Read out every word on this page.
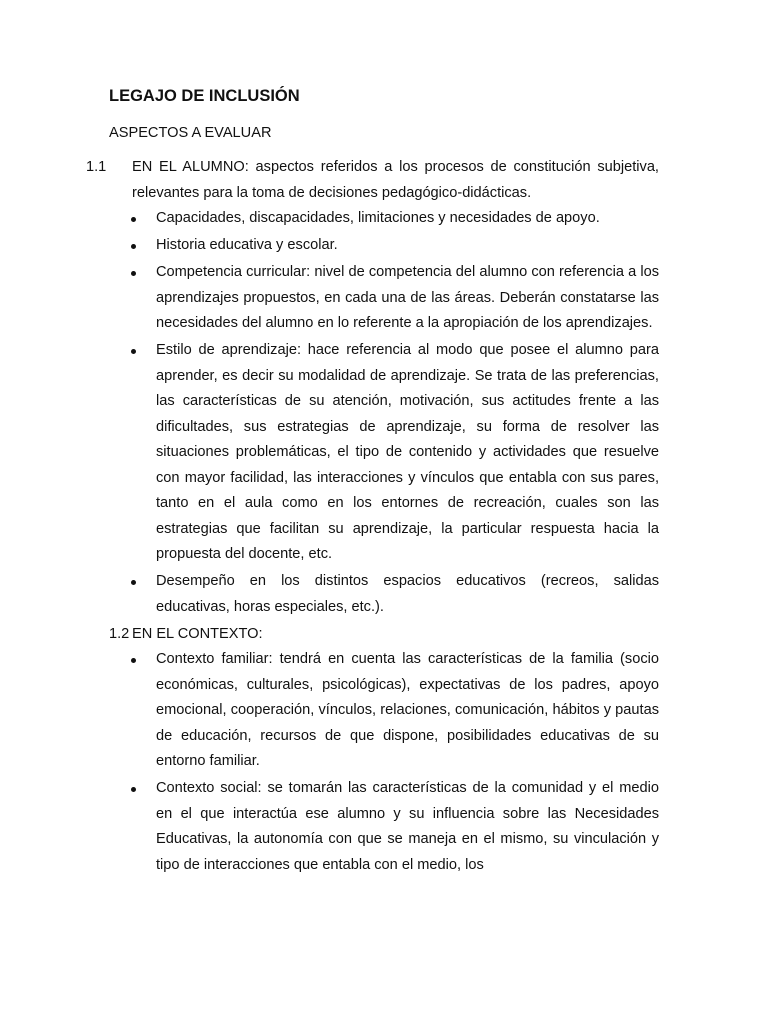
LEGAJO DE INCLUSIÓN
ASPECTOS A EVALUAR
1.1 EN EL ALUMNO: aspectos referidos a los procesos de constitución subjetiva, relevantes para la toma de decisiones pedagógico-didácticas.
Capacidades, discapacidades, limitaciones y necesidades de apoyo.
Historia educativa y escolar.
Competencia curricular: nivel de competencia del alumno con referencia a los aprendizajes propuestos, en cada una de las áreas. Deberán constatarse las necesidades del alumno en lo referente a la apropiación de los aprendizajes.
Estilo de aprendizaje: hace referencia al modo que posee el alumno para aprender, es decir su modalidad de aprendizaje. Se trata de las preferencias, las características de su atención, motivación, sus actitudes frente a las dificultades, sus estrategias de aprendizaje, su forma de resolver las situaciones problemáticas, el tipo de contenido y actividades que resuelve con mayor facilidad, las interacciones y vínculos que entabla con sus pares, tanto en el aula como en los entornes de recreación, cuales son las estrategias que facilitan su aprendizaje, la particular respuesta hacia la propuesta del docente, etc.
Desempeño en los distintos espacios educativos (recreos, salidas educativas, horas especiales, etc.).
1.2 EN EL CONTEXTO:
Contexto familiar: tendrá en cuenta las características de la familia (socio económicas, culturales, psicológicas), expectativas de los padres, apoyo emocional, cooperación, vínculos, relaciones, comunicación, hábitos y pautas de educación, recursos de que dispone, posibilidades educativas de su entorno familiar.
Contexto social: se tomarán las características de la comunidad y el medio en el que interactúa ese alumno y su influencia sobre las Necesidades Educativas, la autonomía con que se maneja en el mismo, su vinculación y tipo de interacciones que entabla con el medio, los
